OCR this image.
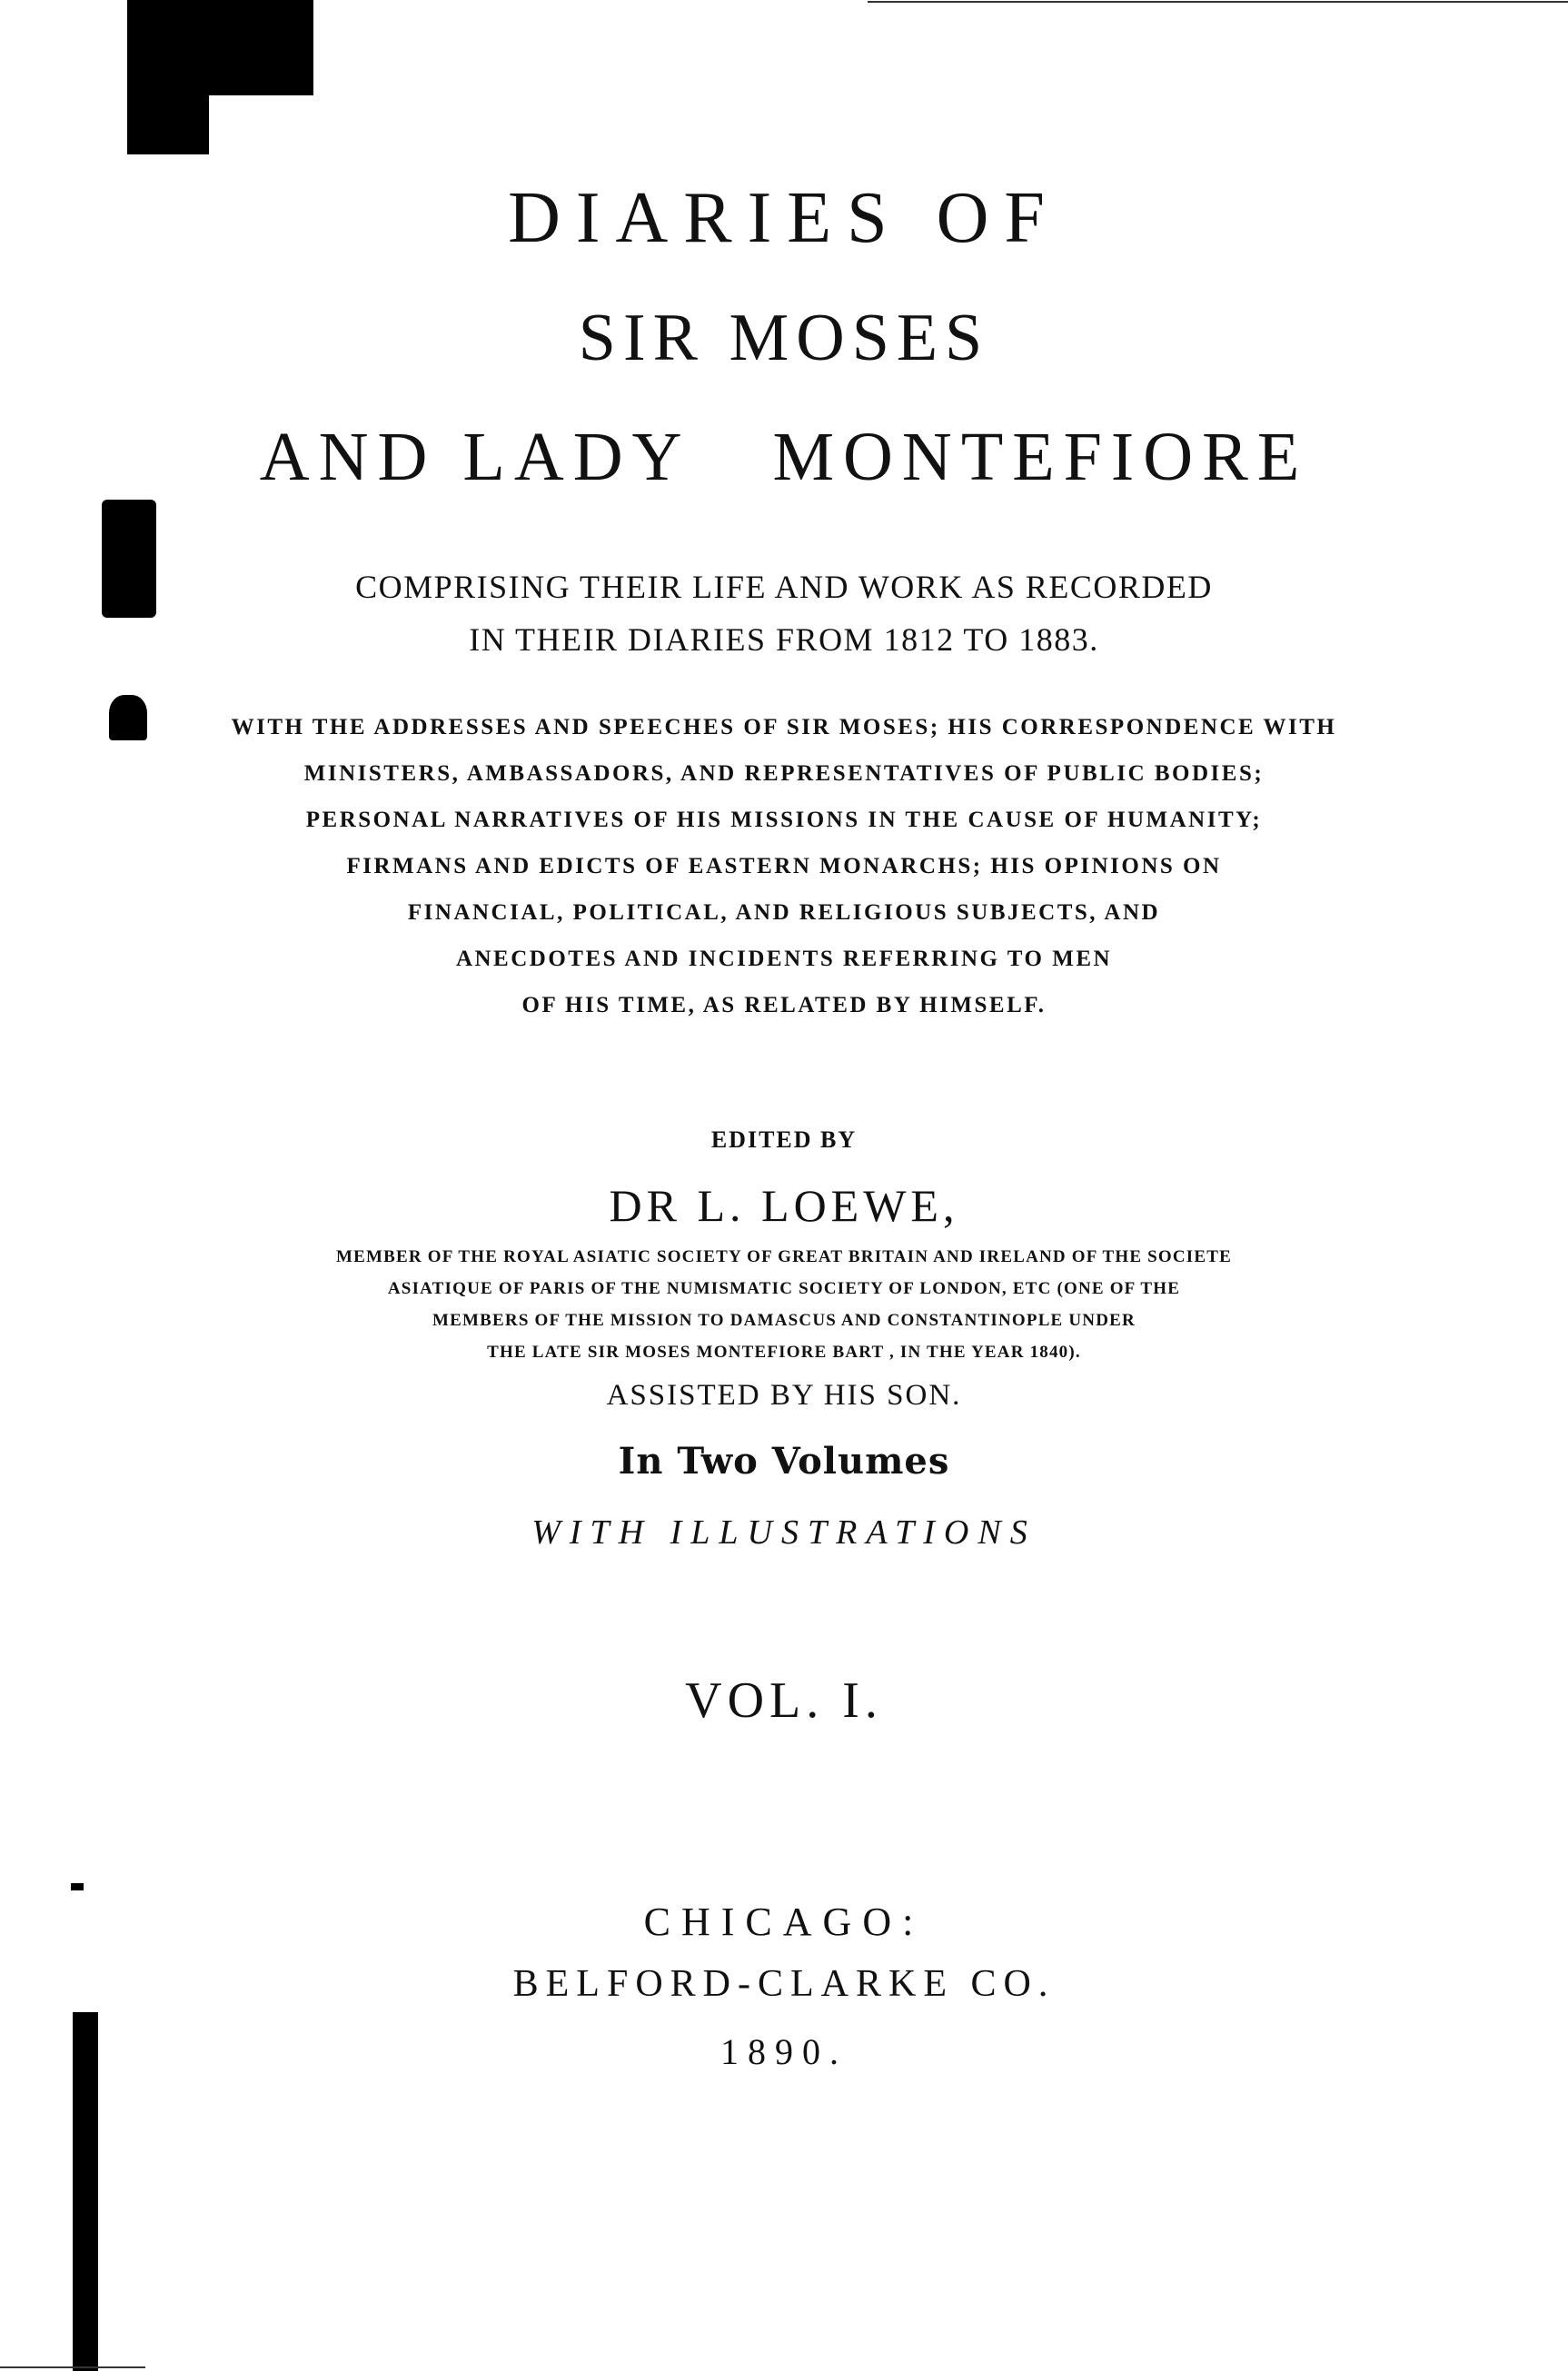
DIARIES OF

SIR MOSES

AND LADY MONTEFIORE

COMPRISING THEIR LIFE AND WORK AS RECORDED

IN THEIR DIARIES FROM 1812 TO 1883.

WITH THE ADDRESSES AND SPEECHES OF SIR MOSES; HIS CORRESPONDENCE WITH

MINISTERS, AMBASSADORS, AND REPRESENTATIVES OF PUBLIC BODIES;

PERSONAL NARRATIVES OF HIS MISSIONS IN THE CAUSE OF HUMANITY;

FIRMANS AND EDICTS OF EASTERN MONARCHS; HIS OPINIONS ON

FINANCIAL, POLITICAL, AND RELIGIOUS SUBJECTS, AND

ANECDOTES AND INCIDENTS REFERRING TO MEN

OF HIS TIME, AS RELATED BY HIMSELF.

EDITED BY

DR L. LOEWE,

MEMBER OF THE ROYAL ASIATIC SOCIETY OF GREAT BRITAIN AND IRELAND OF THE SOCIETE

ASIATIQUE OF PARIS OF THE NUMISMATIC SOCIETY OF LONDON, ETC (ONE OF THE

MEMBERS OF THE MISSION TO DAMASCUS AND CONSTANTINOPLE UNDER

THE LATE SIR MOSES MONTEFIORE BART , IN THE YEAR 1840).

ASSISTED BY HIS SON.

In Two Volumes

WITH ILLUSTRATIONS

VOL. I.

CHICAGO:

BELFORD-CLARKE CO.

1890.
